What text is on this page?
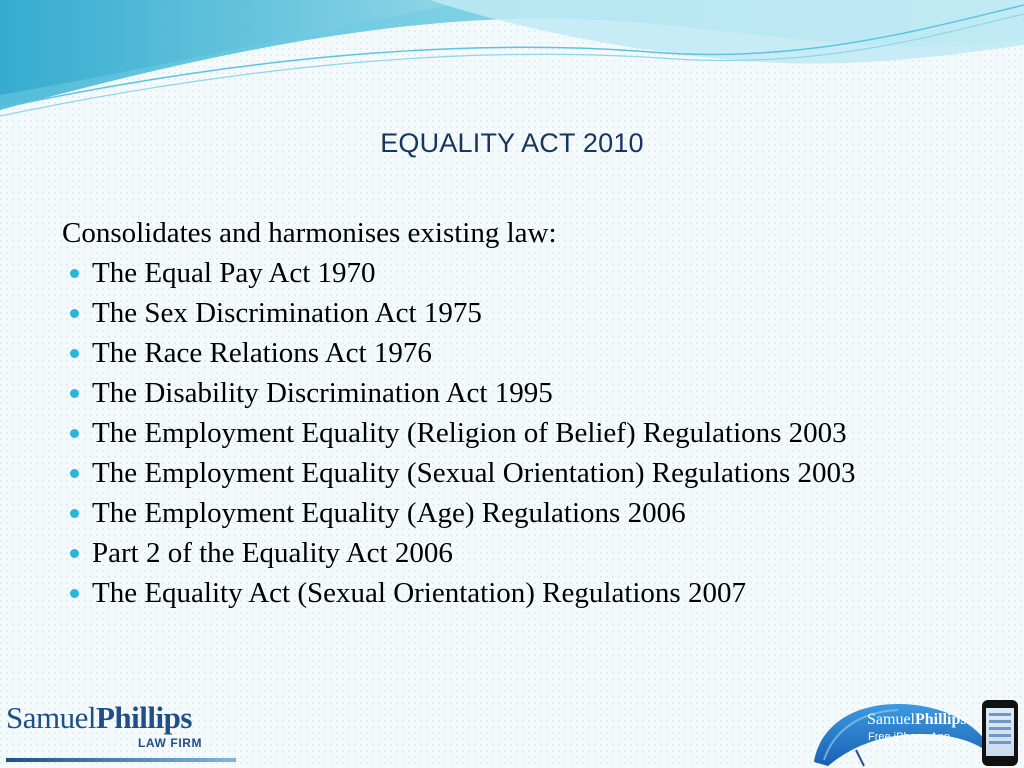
EQUALITY ACT 2010

Consolidates and harmonises existing law:

The Equal Pay Act 1970
The Sex Discrimination Act 1975
The Race Relations Act 1976
The Disability Discrimination Act 1995
The Employment Equality (Religion of Belief) Regulations 2003
The Employment Equality (Sexual Orientation) Regulations 2003
The Employment Equality (Age) Regulations 2006
Part 2 of the Equality Act 2006
The Equality Act (Sexual Orientation) Regulations 2007
SamuelPhillips
LAW FIRM
SamuelPhillips
Free iPhone App
